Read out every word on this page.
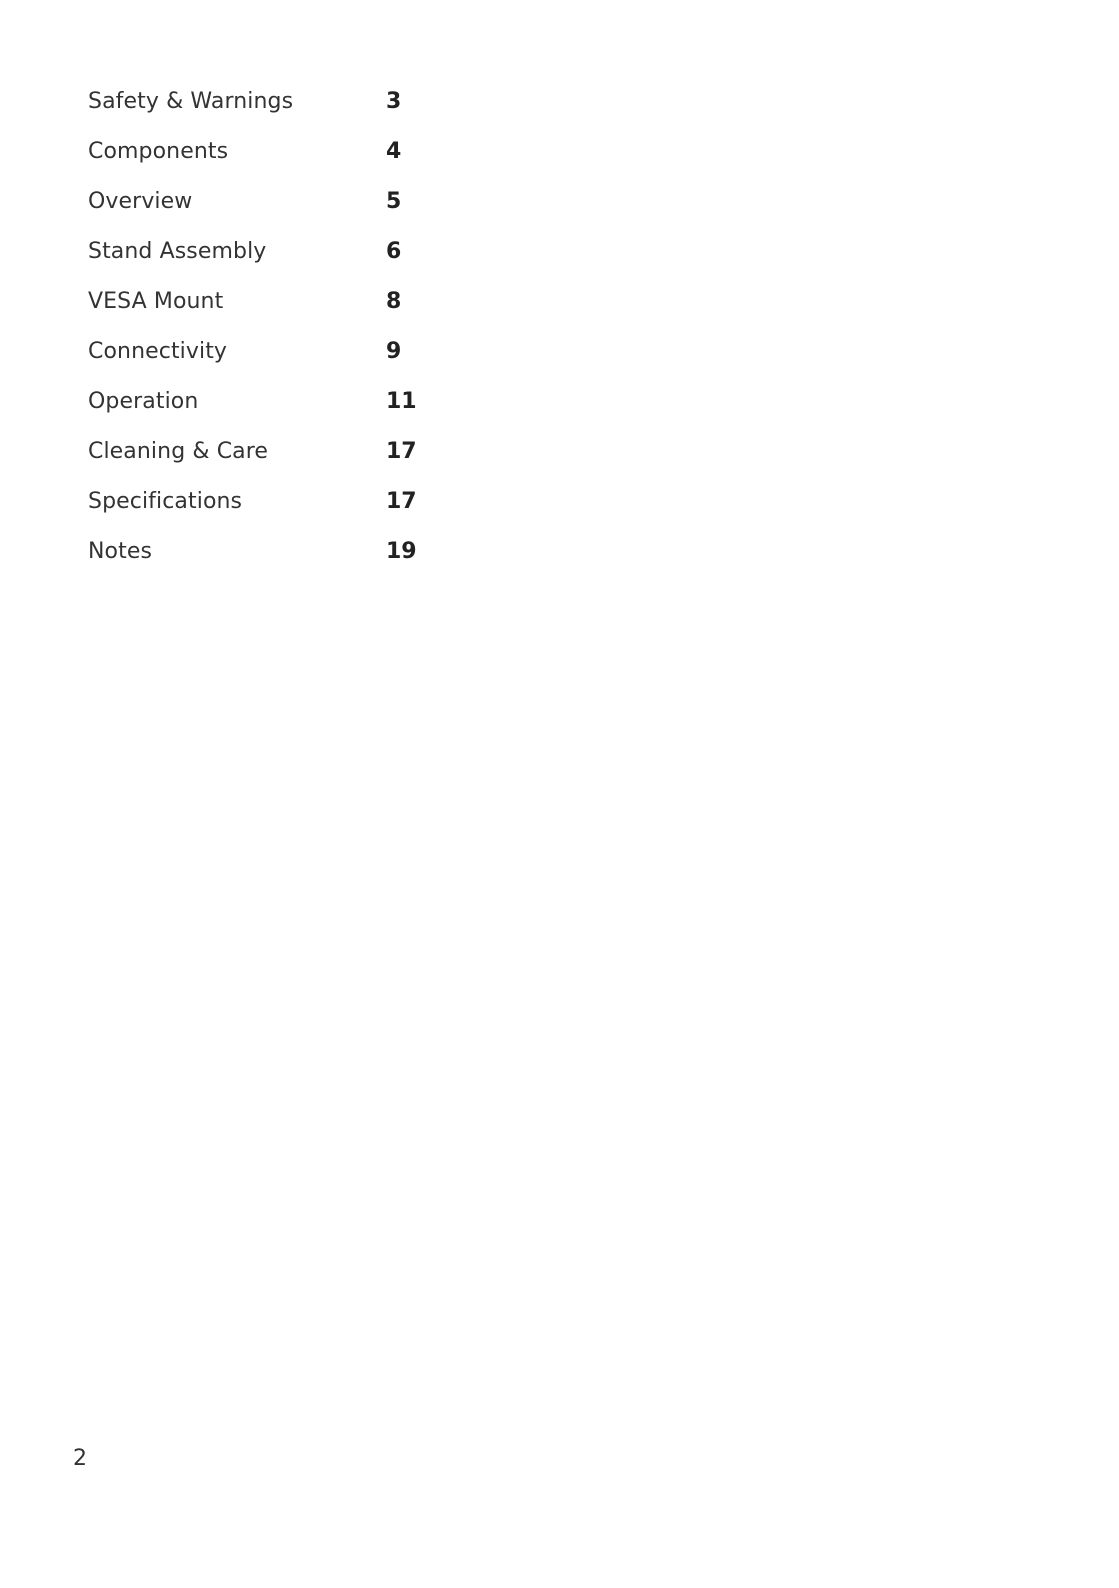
Safety & Warnings	3
Components	4
Overview	5
Stand Assembly	6
VESA Mount	8
Connectivity	9
Operation	11
Cleaning & Care	17
Specifications	17
Notes	19
2
